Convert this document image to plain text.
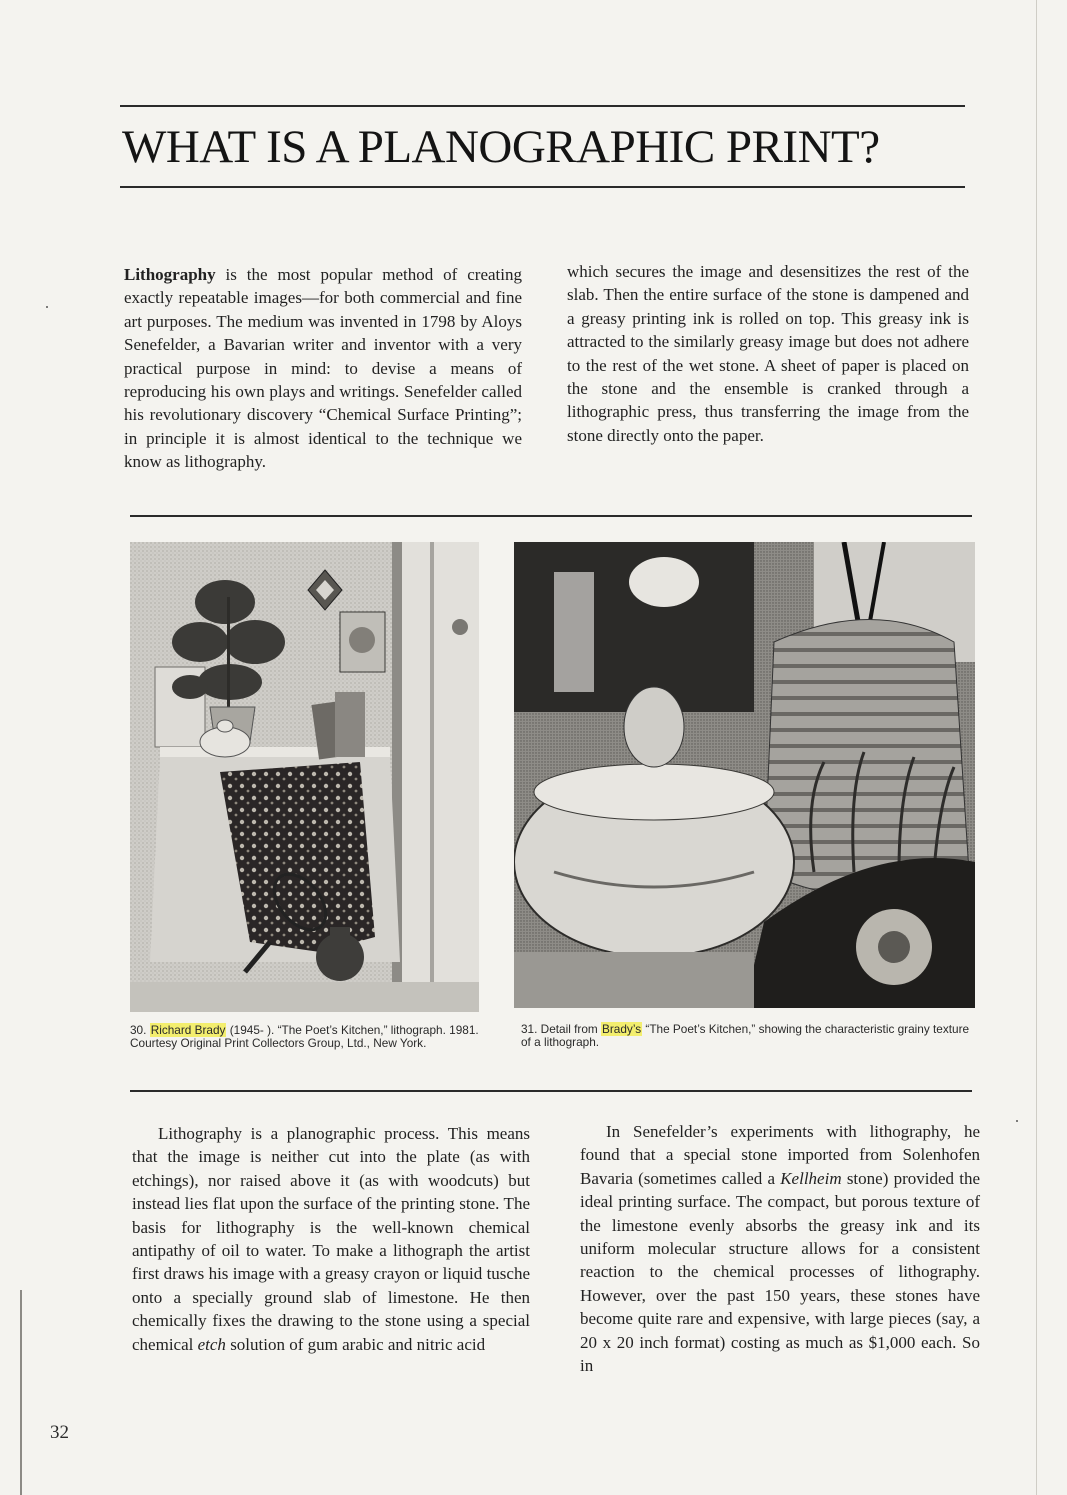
WHAT IS A PLANOGRAPHIC PRINT?

Lithography is the most popular method of creating exactly repeatable images—for both commercial and fine art purposes. The medium was invented in 1798 by Aloys Senefelder, a Bavarian writer and inventor with a very practical purpose in mind: to devise a means of reproducing his own plays and writings. Senefelder called his revolutionary discovery “Chemical Surface Printing”; in principle it is almost identical to the technique we know as lithography.

which secures the image and desensitizes the rest of the slab. Then the entire surface of the stone is dampened and a greasy printing ink is rolled on top. This greasy ink is attracted to the similarly greasy image but does not adhere to the rest of the wet stone. A sheet of paper is placed on the stone and the ensemble is cranked through a lithographic press, thus transferring the image from the stone directly onto the paper.

30. Richard Brady (1945- ). “The Poet’s Kitchen,” lithograph. 1981. Courtesy Original Print Collectors Group, Ltd., New York.
31. Detail from Brady’s “The Poet’s Kitchen,” showing the characteristic grainy texture of a lithograph.

Lithography is a planographic process. This means that the image is neither cut into the plate (as with etchings), nor raised above it (as with woodcuts) but instead lies flat upon the surface of the printing stone. The basis for lithography is the well-known chemical antipathy of oil to water. To make a lithograph the artist first draws his image with a greasy crayon or liquid tusche onto a specially ground slab of limestone. He then chemically fixes the drawing to the stone using a special chemical etch solution of gum arabic and nitric acid

In Senefelder’s experiments with lithography, he found that a special stone imported from Solenhofen Bavaria (sometimes called a Kellheim stone) provided the ideal printing surface. The compact, but porous texture of the limestone evenly absorbs the greasy ink and its uniform molecular structure allows for a consistent reaction to the chemical processes of lithography. However, over the past 150 years, these stones have become quite rare and expensive, with large pieces (say, a 20 x 20 inch format) costing as much as $1,000 each. So in

32
